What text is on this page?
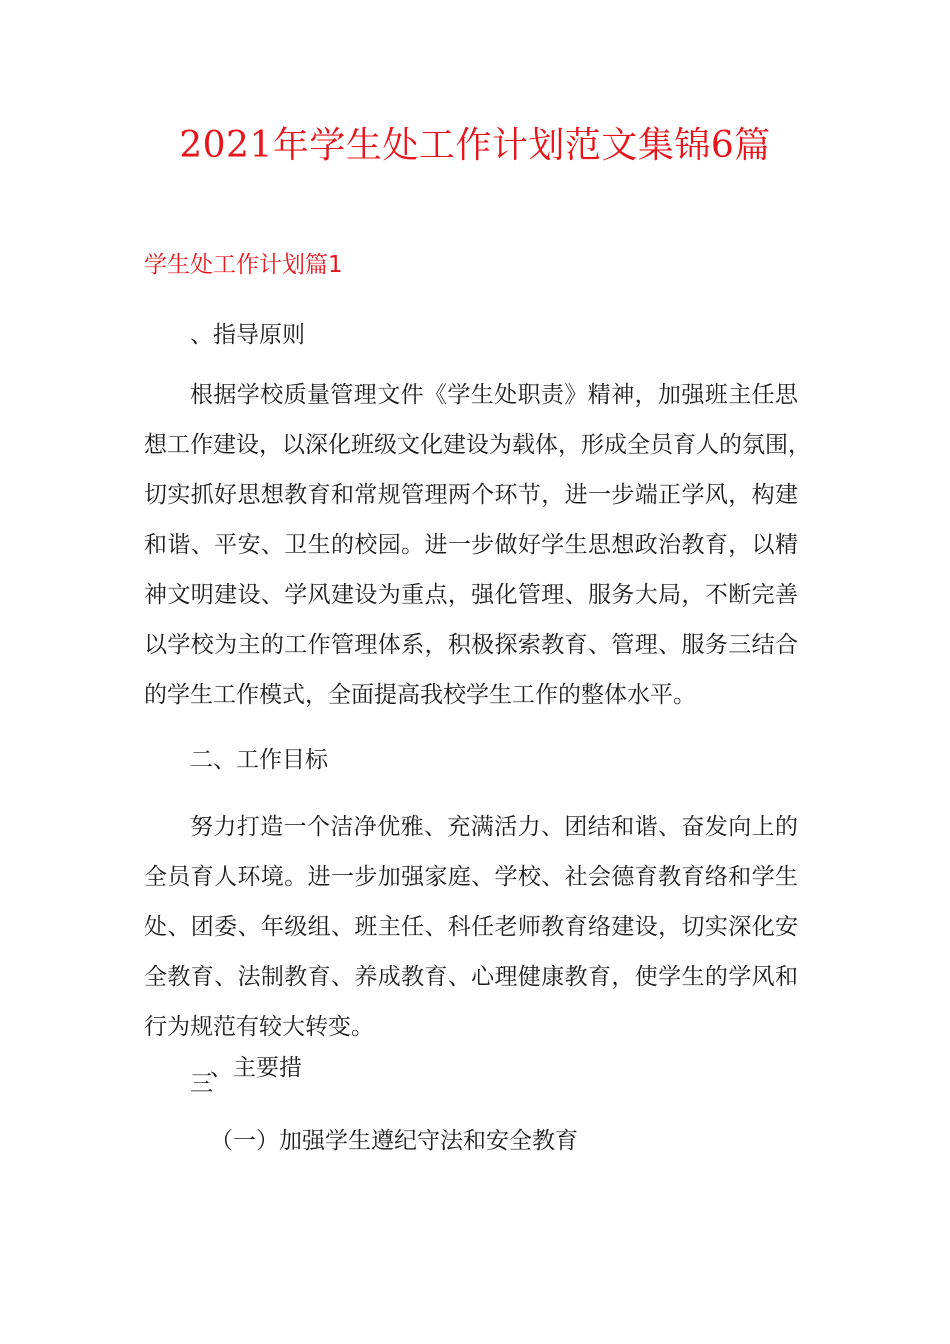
2021年学生处工作计划范文集锦6篇
学生处工作计划篇1
、指导原则
根据学校质量管理文件《学生处职责》精神，加强班主任思
想工作建设，以深化班级文化建设为载体，形成全员育人的氛围，
切实抓好思想教育和常规管理两个环节，进一步端正学风，构建
和谐、平安、卫生的校园。进一步做好学生思想政治教育，以精
神文明建设、学风建设为重点，强化管理、服务大局，不断完善
以学校为主的工作管理体系，积极探索教育、管理、服务三结合
的学生工作模式，全面提高我校学生工作的整体水平。
二、工作目标
努力打造一个洁净优雅、充满活力、团结和谐、奋发向上的
全员育人环境。进一步加强家庭、学校、社会德育教育络和学生
处、团委、年级组、班主任、科任老师教育络建设，切实深化安
全教育、法制教育、养成教育、心理健康教育，使学生的学风和
行为规范有较大转变。
、主要措
三
（一）加强学生遵纪守法和安全教育
